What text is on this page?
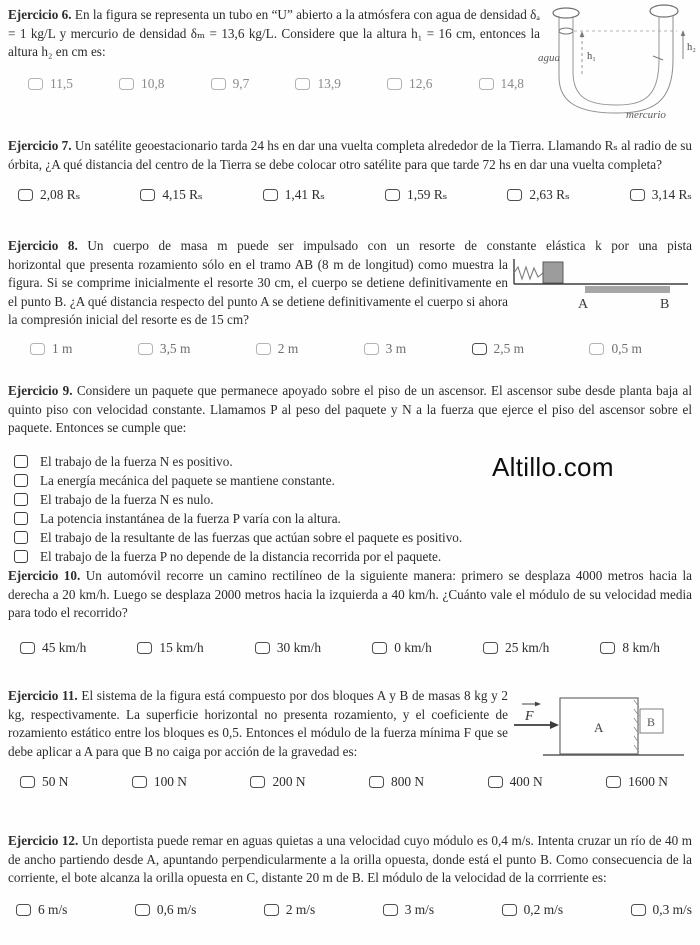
Ejercicio 6. En la figura se representa un tubo en “U” abierto a la atmósfera con agua de densidad δₐ = 1 kg/L y mercurio de densidad δₘ = 13,6 kg/L. Considere que la altura h₁ = 16 cm, entonces la altura h₂ en cm es:

11,5	10,8	9,7	13,9	12,6	14,8
h₁
h₂
agua
mercurio

Ejercicio 7. Un satélite geoestacionario tarda 24 hs en dar una vuelta completa alrededor de la Tierra. Llamando Rₛ al radio de su órbita, ¿A qué distancia del centro de la Tierra se debe colocar otro satélite para que tarde 72 hs en dar una vuelta completa?

2,08 Rₛ	4,15 Rₛ	1,41 Rₛ	1,59 Rₛ	2,63 Rₛ	3,14 Rₛ

Ejercicio 8. Un cuerpo de masa m puede ser impulsado con un resorte de constante elástica k por una pista

horizontal que presenta rozamiento sólo en el tramo AB (8 m de longitud) como muestra la figura. Si se comprime inicialmente el resorte 30 cm, el cuerpo se detiene definitivamente en el punto B. ¿A qué distancia respecto del punto A se detiene definitivamente el cuerpo si ahora la compresión inicial del resorte es de 15 cm?

1 m	3,5 m	2 m	3 m	2,5 m	0,5 m
A	B

Ejercicio 9. Considere un paquete que permanece apoyado sobre el piso de un ascensor. El ascensor sube desde planta baja al quinto piso con velocidad constante. Llamamos P al peso del paquete y N a la fuerza que ejerce el piso del ascensor sobre el paquete. Entonces se cumple que:

El trabajo de la fuerza N es positivo.
La energía mecánica del paquete se mantiene constante.
El trabajo de la fuerza N es nulo.
La potencia instantánea de la fuerza P varía con la altura.
El trabajo de la resultante de las fuerzas que actúan sobre el paquete es positivo.
El trabajo de la fuerza P no depende de la distancia recorrida por el paquete.
Altillo.com

Ejercicio 10. Un automóvil recorre un camino rectilíneo de la siguiente manera: primero se desplaza 4000 metros hacia la derecha a 20 km/h. Luego se desplaza 2000 metros hacia la izquierda a 40 km/h. ¿Cuánto vale el módulo de su velocidad media para todo el recorrido?

45 km/h	15 km/h	30 km/h	0 km/h	25 km/h	8 km/h

Ejercicio 11. El sistema de la figura está compuesto por dos bloques A y B de masas 8 kg y 2 kg, respectivamente. La superficie horizontal no presenta rozamiento, y el coeficiente de rozamiento estático entre los bloques es 0,5. Entonces el módulo de la fuerza mínima F que se debe aplicar a A para que B no caiga por acción de la gravedad es:

50 N	100 N	200 N	800 N	400 N	1600 N
F
A	B

Ejercicio 12. Un deportista puede remar en aguas quietas a una velocidad cuyo módulo es 0,4 m/s. Intenta cruzar un río de 40 m de ancho partiendo desde A, apuntando perpendicularmente a la orilla opuesta, donde está el punto B. Como consecuencia de la corriente, el bote alcanza la orilla opuesta en C, distante 20 m de B. El módulo de la velocidad de la corrriente es:

6 m/s	0,6 m/s	2 m/s	3 m/s	0,2 m/s	0,3 m/s
